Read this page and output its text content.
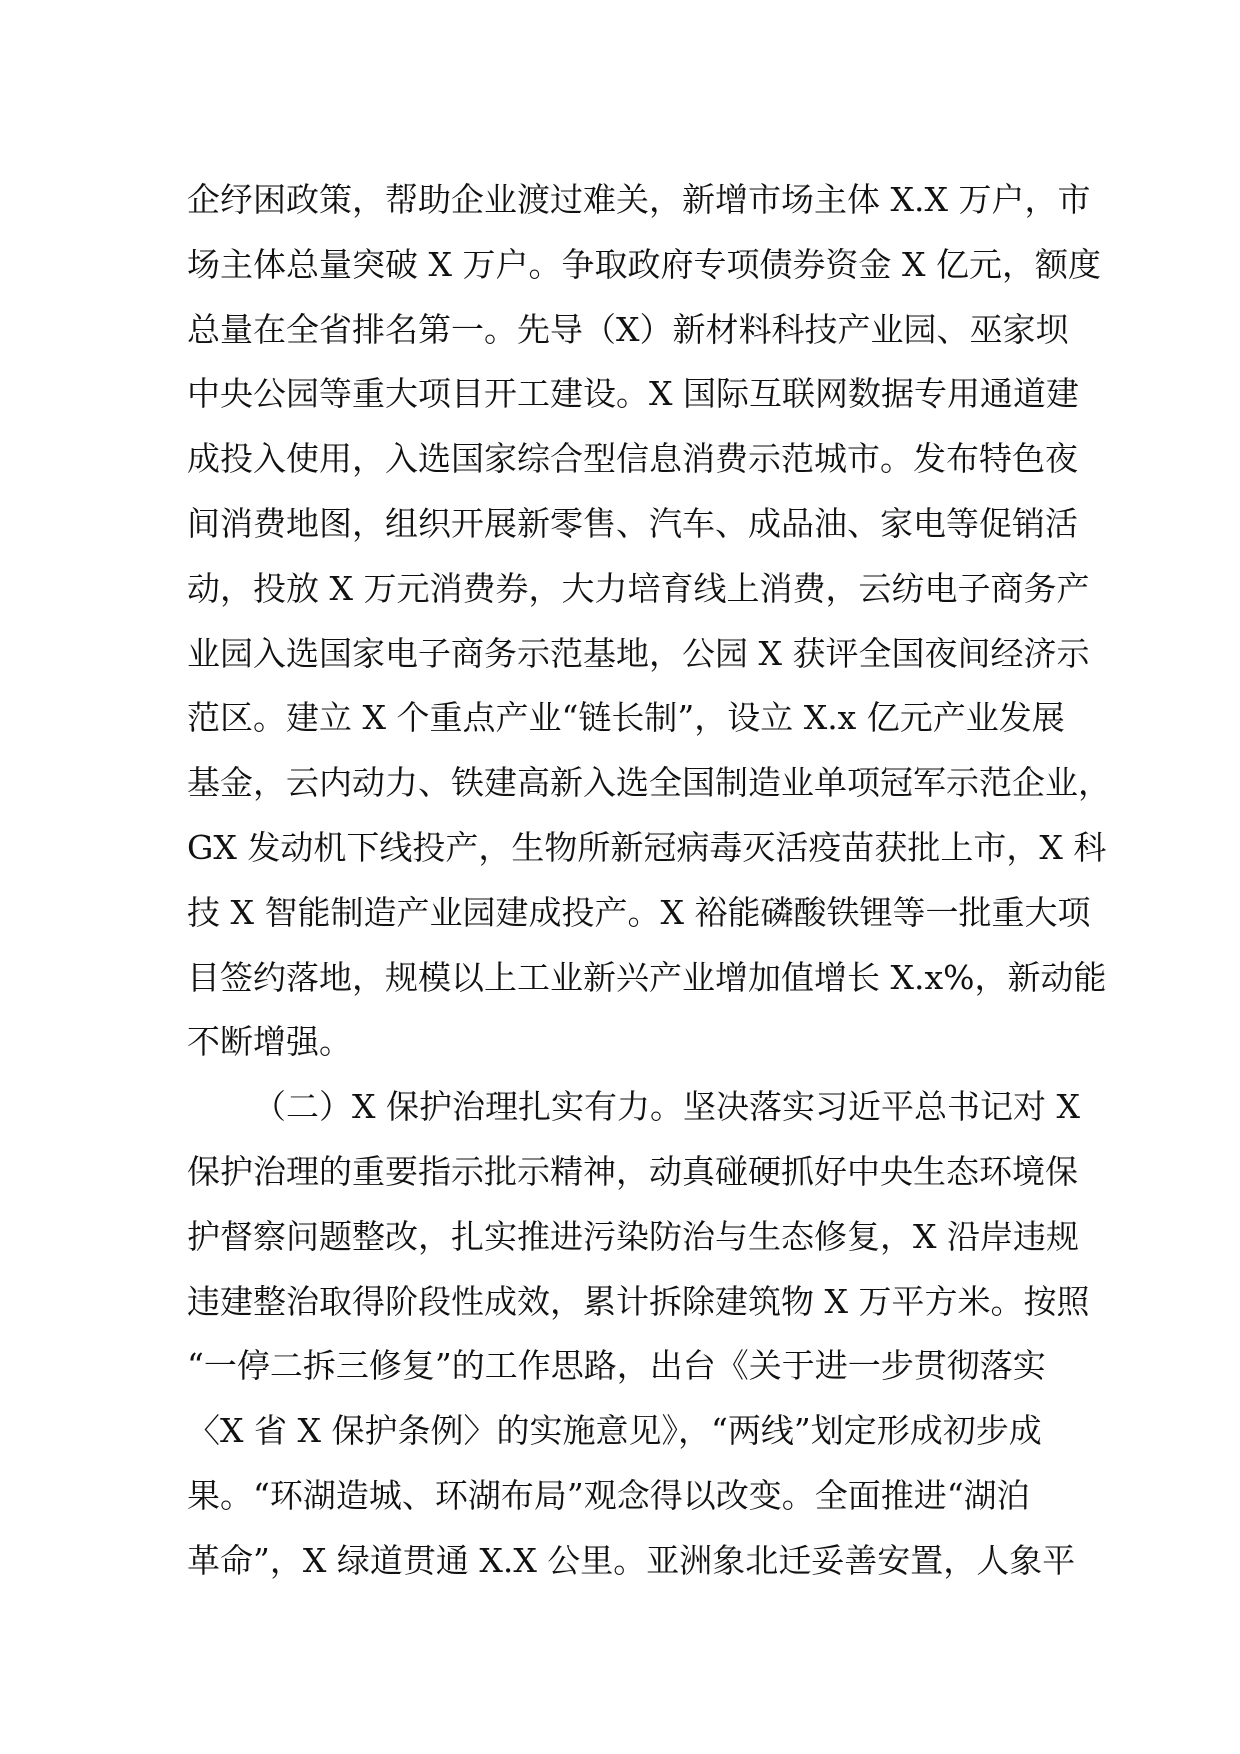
企纾困政策，帮助企业渡过难关，新增市场主体 X.X 万户，市
场主体总量突破 X 万户。争取政府专项债券资金 X 亿元，额度
总量在全省排名第一。先导（X）新材料科技产业园、巫家坝
中央公园等重大项目开工建设。X 国际互联网数据专用通道建
成投入使用，入选国家综合型信息消费示范城市。发布特色夜
间消费地图，组织开展新零售、汽车、成品油、家电等促销活
动，投放 X 万元消费券，大力培育线上消费，云纺电子商务产
业园入选国家电子商务示范基地，公园 X 获评全国夜间经济示
范区。建立 X 个重点产业“链长制”，设立 X.x 亿元产业发展
基金，云内动力、铁建高新入选全国制造业单项冠军示范企业，
GX 发动机下线投产，生物所新冠病毒灭活疫苗获批上市，X 科
技 X 智能制造产业园建成投产。X 裕能磷酸铁锂等一批重大项
目签约落地，规模以上工业新兴产业增加值增长 X.x%，新动能
不断增强。
（二）X 保护治理扎实有力。坚决落实习近平总书记对 X
保护治理的重要指示批示精神，动真碰硬抓好中央生态环境保
护督察问题整改，扎实推进污染防治与生态修复，X 沿岸违规
违建整治取得阶段性成效，累计拆除建筑物 X 万平方米。按照
“一停二拆三修复”的工作思路，出台《关于进一步贯彻落实
〈X 省 X 保护条例〉的实施意见》，“两线”划定形成初步成
果。“环湖造城、环湖布局”观念得以改变。全面推进“湖泊
革命”，X 绿道贯通 X.X 公里。亚洲象北迁妥善安置，人象平
